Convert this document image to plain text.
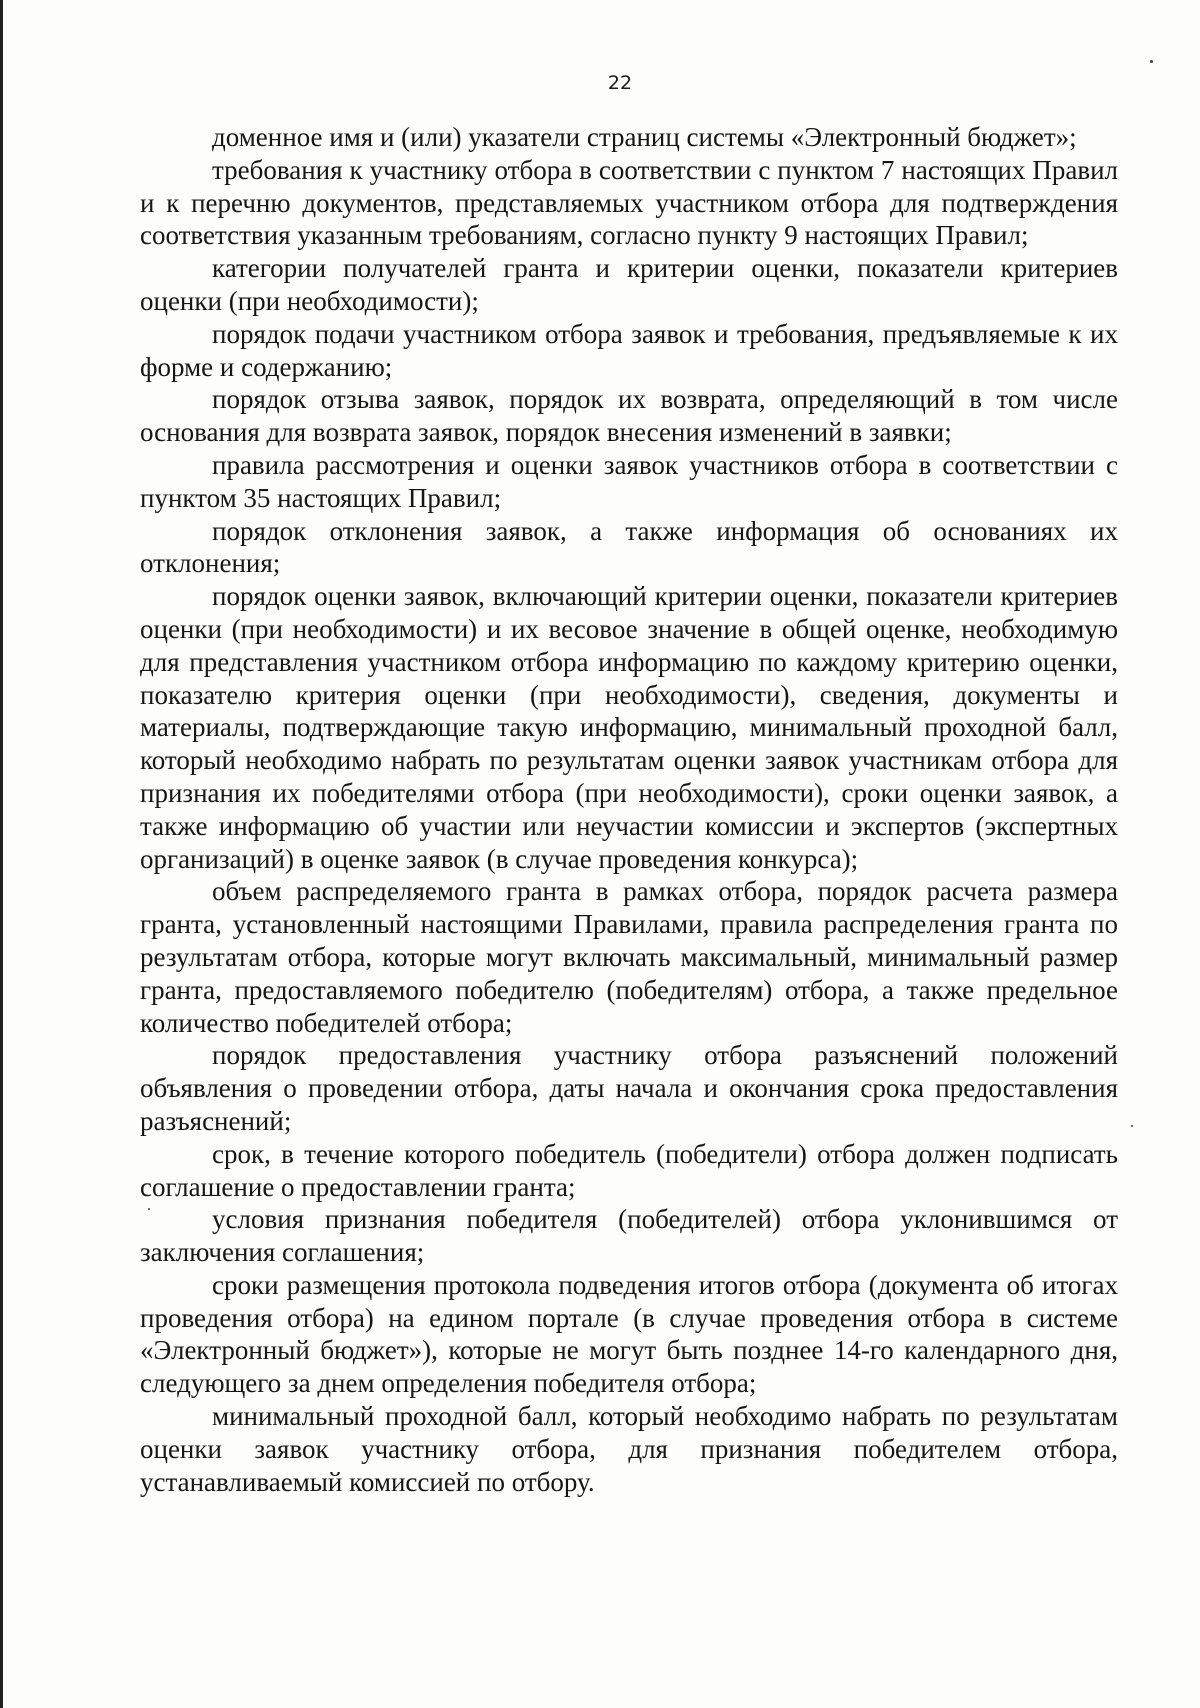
22

доменное имя и (или) указатели страниц системы «Электронный бюджет»;

требования к участнику отбора в соответствии с пунктом 7 настоящих Правил и к перечню документов, представляемых участником отбора для подтверждения соответствия указанным требованиям, согласно пункту 9 настоящих Правил;

категории получателей гранта и критерии оценки, показатели критериев оценки (при необходимости);

порядок подачи участником отбора заявок и требования, предъявляемые к их форме и содержанию;

порядок отзыва заявок, порядок их возврата, определяющий в том числе основания для возврата заявок, порядок внесения изменений в заявки;

правила рассмотрения и оценки заявок участников отбора в соответствии с пунктом 35 настоящих Правил;

порядок отклонения заявок, а также информация об основаниях их отклонения;

порядок оценки заявок, включающий критерии оценки, показатели критериев оценки (при необходимости) и их весовое значение в общей оценке, необходимую для представления участником отбора информацию по каждому критерию оценки, показателю критерия оценки (при необходимости), сведения, документы и материалы, подтверждающие такую информацию, минимальный проходной балл, который необходимо набрать по результатам оценки заявок участникам отбора для признания их победителями отбора (при необходимости), сроки оценки заявок, а также информацию об участии или неучастии комиссии и экспертов (экспертных организаций) в оценке заявок (в случае проведения конкурса);

объем распределяемого гранта в рамках отбора, порядок расчета размера гранта, установленный настоящими Правилами, правила распределения гранта по результатам отбора, которые могут включать максимальный, минимальный размер гранта, предоставляемого победителю (победителям) отбора, а также предельное количество победителей отбора;

порядок предоставления участнику отбора разъяснений положений объявления о проведении отбора, даты начала и окончания срока предоставления разъяснений;

срок, в течение которого победитель (победители) отбора должен подписать соглашение о предоставлении гранта;

условия признания победителя (победителей) отбора уклонившимся от заключения соглашения;

сроки размещения протокола подведения итогов отбора (документа об итогах проведения отбора) на едином портале (в случае проведения отбора в системе «Электронный бюджет»), которые не могут быть позднее 14-го календарного дня, следующего за днем определения победителя отбора;

минимальный проходной балл, который необходимо набрать по результатам оценки заявок участнику отбора, для признания победителем отбора, устанавливаемый комиссией по отбору.
